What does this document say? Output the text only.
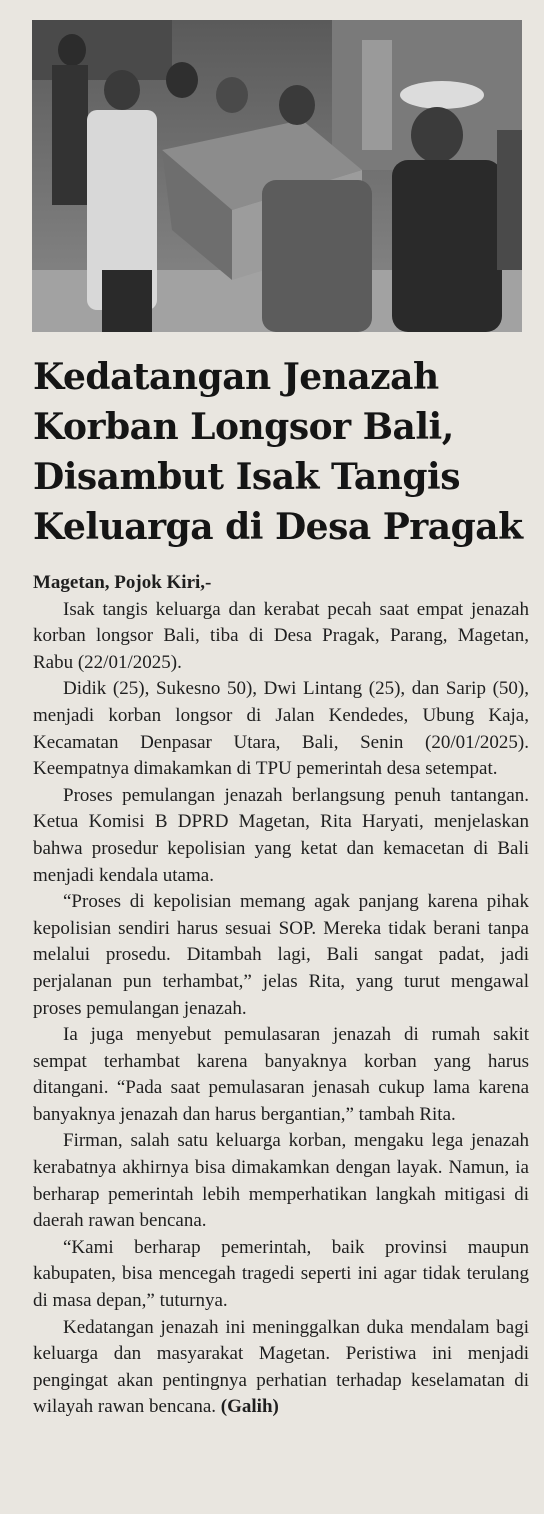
Kedatangan Jenazah
Korban Longsor Bali,
Disambut Isak Tangis
Keluarga di Desa Pragak

Magetan, Pojok Kiri,-

Isak tangis keluarga dan kerabat pecah saat empat jenazah korban longsor Bali, tiba di Desa Pragak, Parang, Magetan, Rabu (22/01/2025).

Didik (25), Sukesno 50), Dwi Lintang (25), dan Sarip (50), menjadi korban longsor di Jalan Kendedes, Ubung Kaja, Kecamatan Denpasar Utara, Bali, Senin (20/01/2025). Keempatnya dimakamkan di TPU pemerintah desa setempat.

Proses pemulangan jenazah berlangsung penuh tantangan. Ketua Komisi B DPRD Magetan, Rita Haryati, menjelaskan bahwa prosedur kepolisian yang ketat dan kemacetan di Bali menjadi kendala utama.

“Proses di kepolisian memang agak panjang karena pihak kepolisian sendiri harus sesuai SOP. Mereka tidak berani tanpa melalui prosedu. Ditambah lagi, Bali sangat padat, jadi perjalanan pun terhambat,” jelas Rita, yang turut mengawal proses pemulangan jenazah.

Ia juga menyebut pemulasaran jenazah di rumah sakit sempat terhambat karena banyaknya korban yang harus ditangani. “Pada saat pemulasaran jenasah cukup lama karena banyaknya jenazah dan harus bergantian,” tambah Rita.

Firman, salah satu keluarga korban, mengaku lega jenazah kerabatnya akhirnya bisa dimakamkan dengan layak. Namun, ia berharap pemerintah lebih memperhatikan langkah mitigasi di daerah rawan bencana.

“Kami berharap pemerintah, baik provinsi maupun kabupaten, bisa mencegah tragedi seperti ini agar tidak terulang di masa depan,” tuturnya.

Kedatangan jenazah ini meninggalkan duka mendalam bagi keluarga dan masyarakat Magetan. Peristiwa ini menjadi pengingat akan pentingnya perhatian terhadap keselamatan di wilayah rawan bencana. (Galih)
